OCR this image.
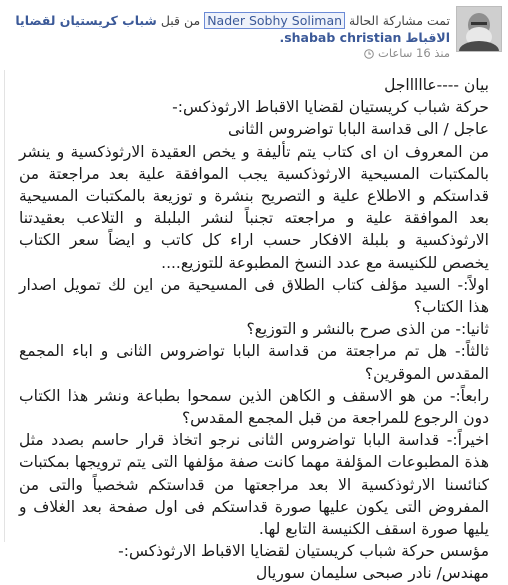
تمت مشاركة الحالة Nader Sobhy Soliman من قبل شباب كريستيان لقضايا
الاقباط shabab christian.
منذ 16 ساعات

بيان ----عاااااجل

حركة شباب كريستيان لقضايا الاقباط الارثوذكس:-

عاجل / الى قداسة البابا تواضروس الثانى

من المعروف ان اى كتاب يتم تأليفة و يخص العقيدة الارثوذكسية و ينشر بالمكتبات المسيحية الارثوذكسية يجب الموافقة علية بعد مراجعتة من قداستكم و الاطلاع علية و التصريح بنشرة و توزيعة بالمكتبات المسيحية بعد الموافقة علية و مراجعته تجنباً لنشر البلبلة و التلاعب بعقيدتنا الارثوذكسية و بلبلة الافكار حسب اراء كل كاتب و ايضاً سعر الكتاب يخصص للكنيسة مع عدد النسخ المطبوعة للتوزيع....

اولاً:- السيد مؤلف كتاب الطلاق فى المسيحية من اين لك تمويل اصدار هذا الكتاب؟

ثانيا:- من الذى صرح بالنشر و التوزيع؟

ثالثاً:- هل تم مراجعتة من قداسة البابا تواضروس الثانى و اباء المجمع المقدس الموقرين؟

رابعاً:- من هو الاسقف و الكاهن الذين سمحوا بطباعة ونشر هذا الكتاب دون الرجوع للمراجعة من قبل المجمع المقدس؟

اخيراً:- قداسة البابا تواضروس الثانى نرجو اتخاذ قرار حاسم بصدد مثل هذة المطبوعات المؤلفة مهما كانت صفة مؤلفها التى يتم ترويجها بمكتبات كنائسنا الارثوذكسية الا بعد مراجعتها من قداستكم شخصياً والتى من المفروض التى يكون عليها صورة قداستكم فى اول صفحة بعد الغلاف و يليها صورة اسقف الكنيسة التابع لها.

مؤسس حركة شباب كريستيان لقضايا الاقباط الارثوذكس:-

مهندس/ نادر صبحى سليمان سوريال
